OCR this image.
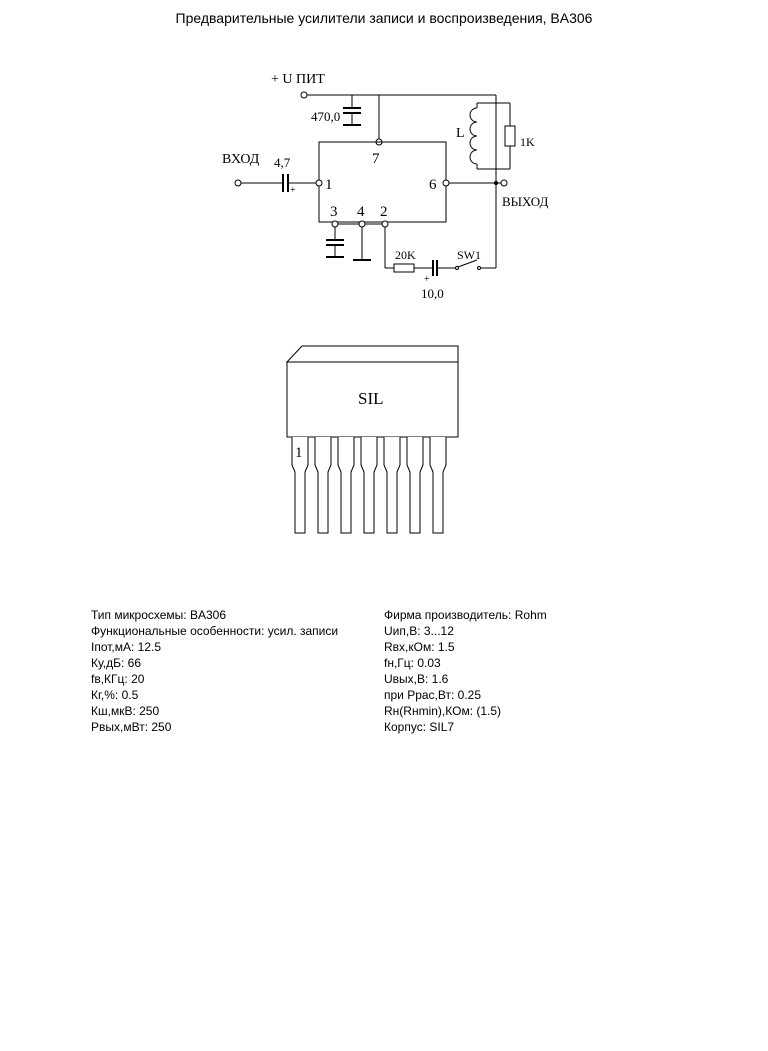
Предварительные усилители записи и воспроизведения, BA306
+ U ПИТ
470,0
L
1K
7
ВХОД 4,7
+ 1	6
ВЫХОД
3 4 2
20K	SW1
+
10,0
SIL
1
Тип микросхемы: BA306
Функциональные особенности: усил. записи
Iпот,мА: 12.5
Ку,дБ: 66
fв,КГц: 20
Кг,%: 0.5
Кш,мкВ: 250
Рвых,мВт: 250
Фирма производитель: Rohm
Uип,В: 3...12
Rвх,кОм: 1.5
fн,Гц: 0.03
Uвых,В: 1.6
при Ррас,Вт: 0.25
Rн(Rнmin),КОм: (1.5)
Корпус: SIL7
